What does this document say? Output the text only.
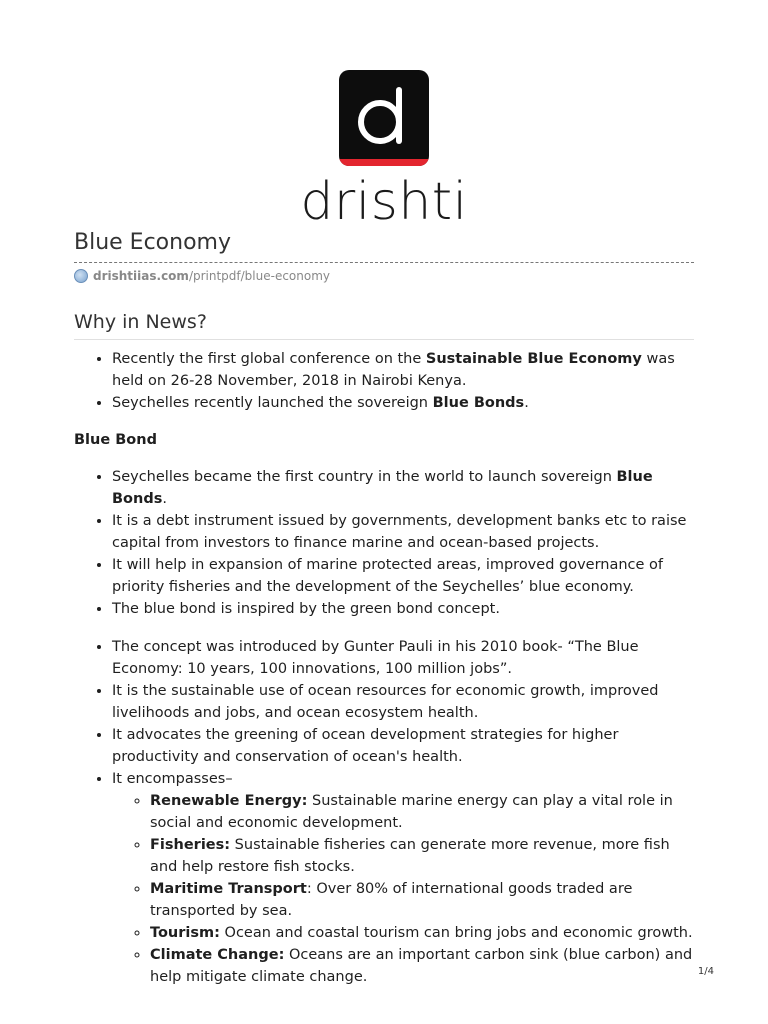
drishti
Blue Economy
drishtiias.com/printpdf/blue-economy
Why in News?
• Recently the first global conference on the Sustainable Blue Economy was held on 26-28 November, 2018 in Nairobi Kenya.
• Seychelles recently launched the sovereign Blue Bonds.
Blue Bond
• Seychelles became the first country in the world to launch sovereign Blue Bonds.
• It is a debt instrument issued by governments, development banks etc to raise capital from investors to finance marine and ocean-based projects.
• It will help in expansion of marine protected areas, improved governance of priority fisheries and the development of the Seychelles’ blue economy.
• The blue bond is inspired by the green bond concept.
• The concept was introduced by Gunter Pauli in his 2010 book- “The Blue Economy: 10 years, 100 innovations, 100 million jobs”.
• It is the sustainable use of ocean resources for economic growth, improved livelihoods and jobs, and ocean ecosystem health.
• It advocates the greening of ocean development strategies for higher productivity and conservation of ocean's health.
• It encompasses–
◦ Renewable Energy: Sustainable marine energy can play a vital role in social and economic development.
◦ Fisheries: Sustainable fisheries can generate more revenue, more fish and help restore fish stocks.
◦ Maritime Transport: Over 80% of international goods traded are transported by sea.
◦ Tourism: Ocean and coastal tourism can bring jobs and economic growth.
◦ Climate Change: Oceans are an important carbon sink (blue carbon) and help mitigate climate change.	1/4
